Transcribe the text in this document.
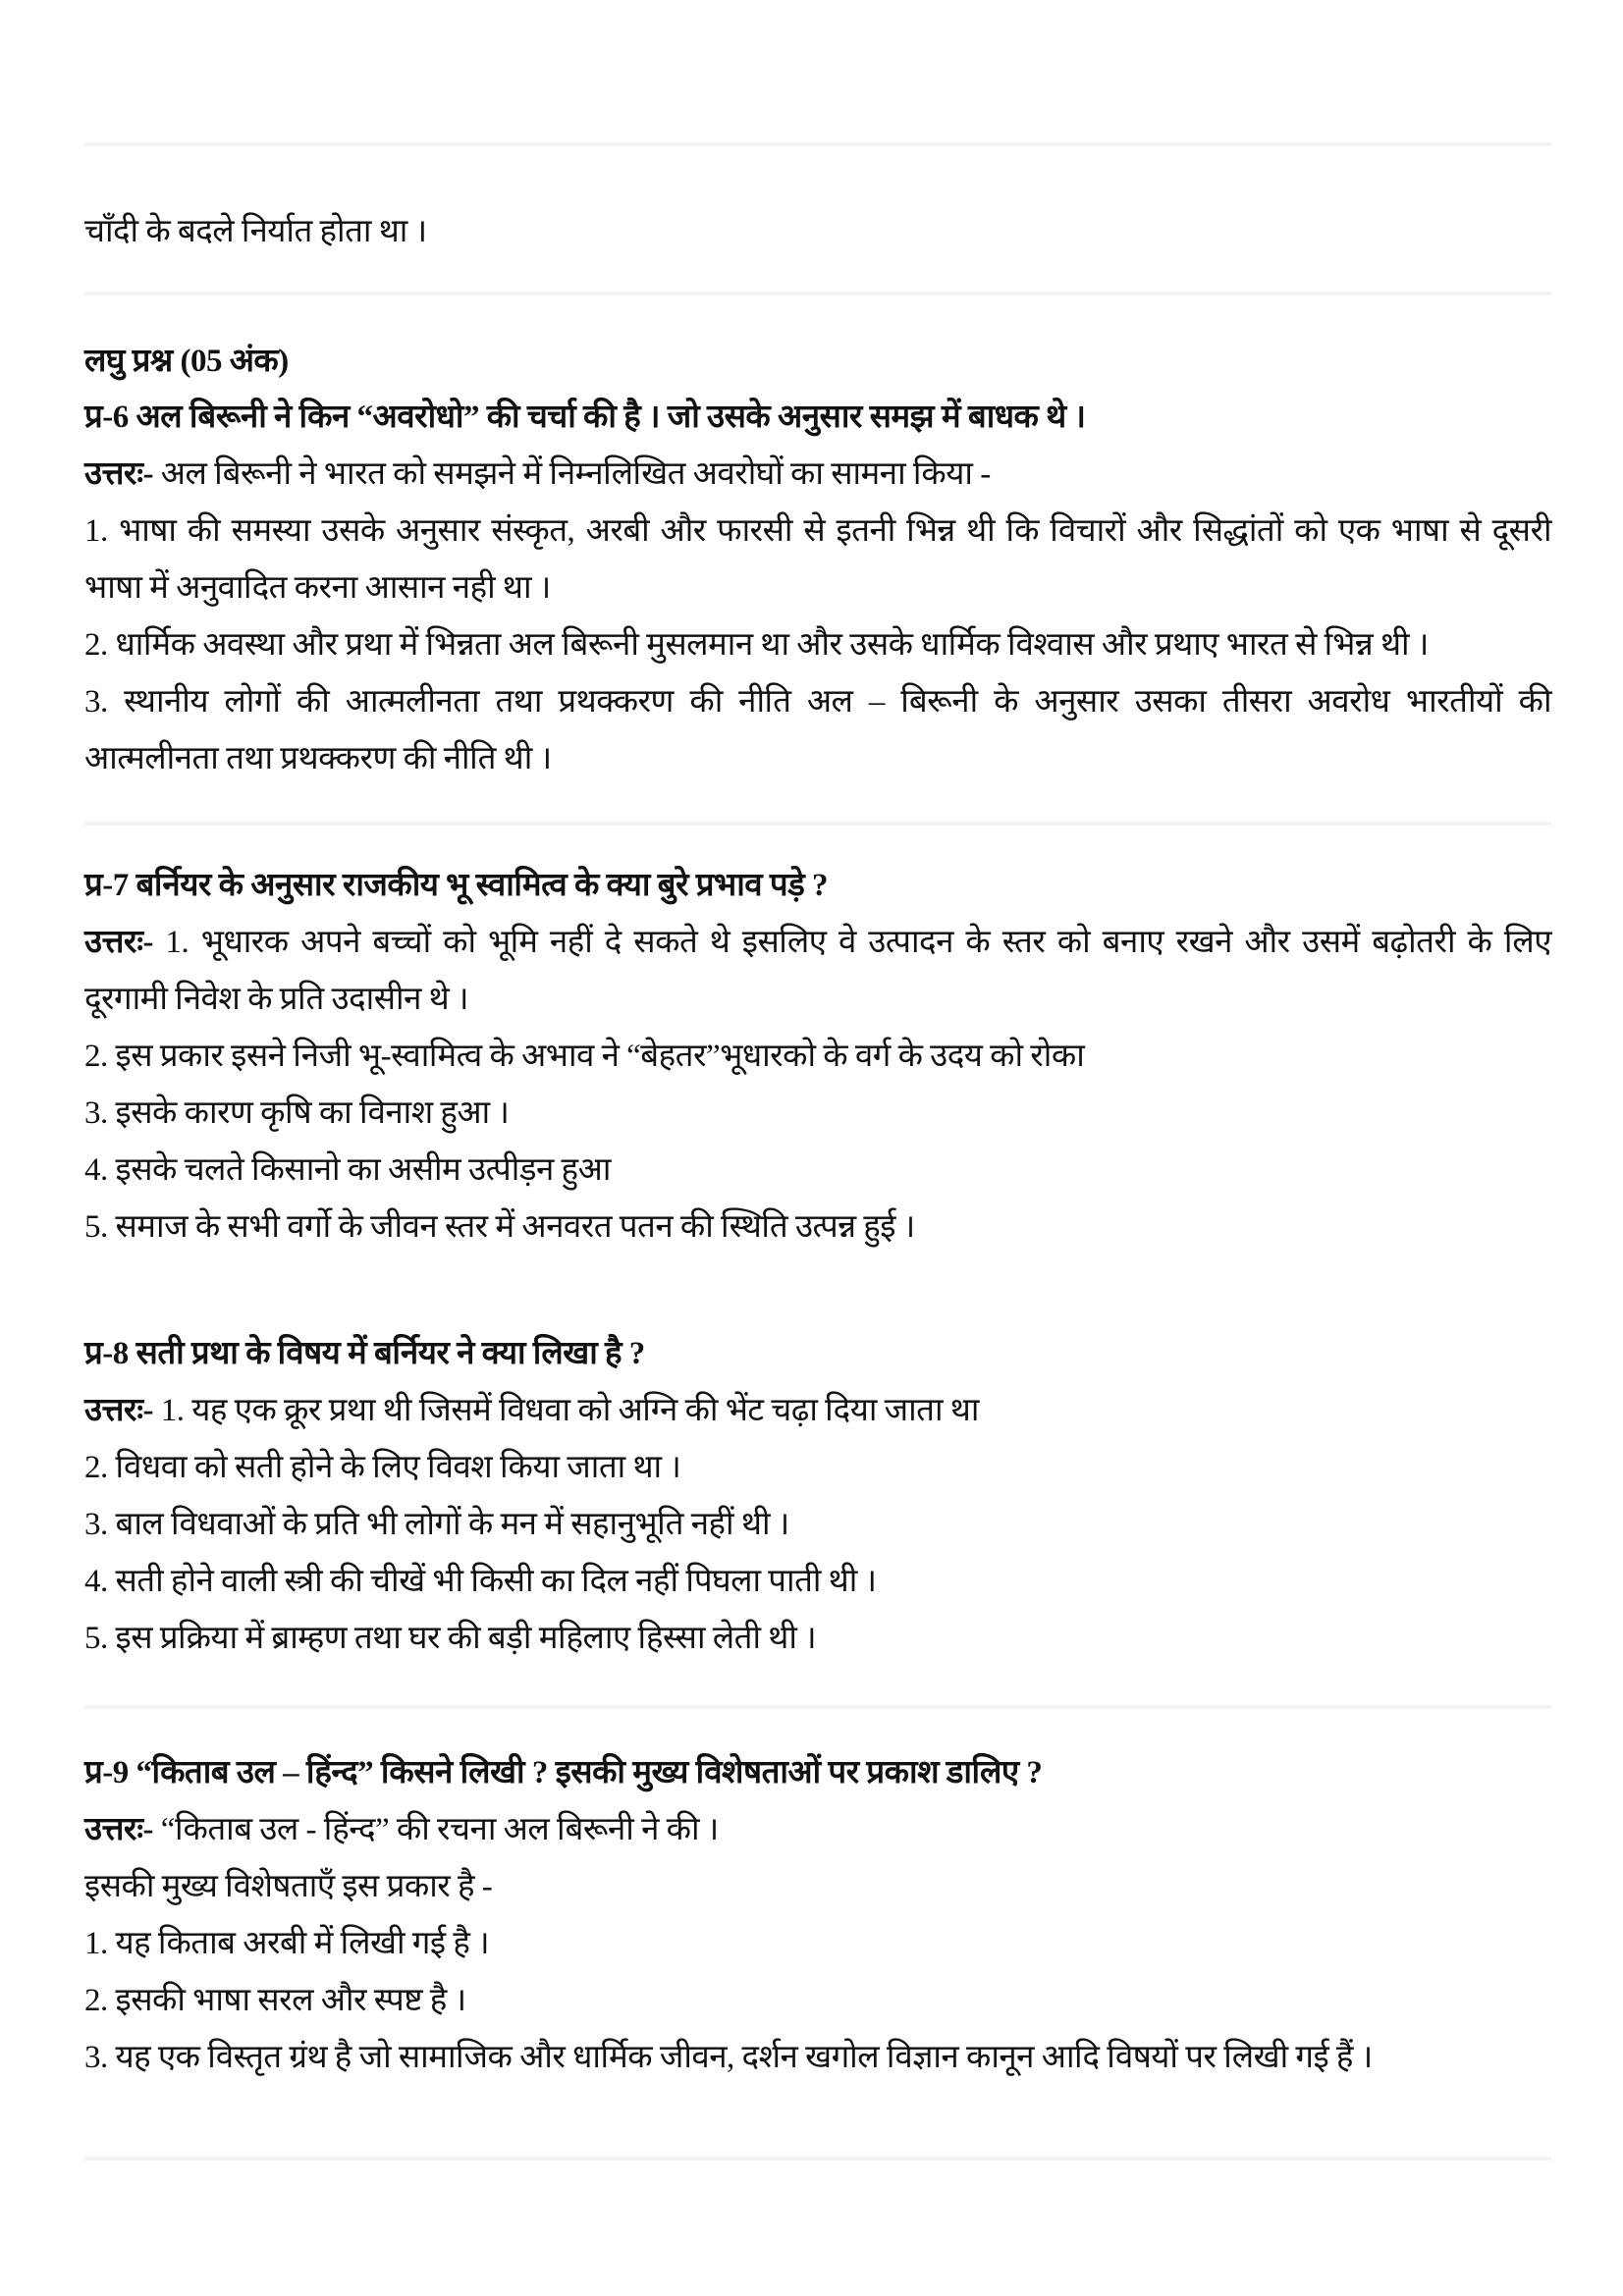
चाँदी के बदले निर्यात होता था ।
लघु प्रश्न (05 अंक)
प्र-6 अल बिरूनी ने किन “अवरोधो” की चर्चा की है । जो उसके अनुसार समझ में बाधक थे ।
उत्तरः- अल बिरूनी ने भारत को समझने में निम्नलिखित अवरोघों का सामना किया -
1. भाषा की समस्या उसके अनुसार संस्कृत, अरबी और फारसी से इतनी भिन्न थी कि विचारों और सिद्धांतों को एक भाषा से दूसरी
भाषा में अनुवादित करना आसान नही था ।
2. धार्मिक अवस्था और प्रथा में भिन्नता अल बिरूनी मुसलमान था और उसके धार्मिक विश्वास और प्रथाए भारत से भिन्न थी ।
3. स्थानीय लोगों की आत्मलीनता तथा प्रथक्करण की नीति अल – बिरूनी के अनुसार उसका तीसरा अवरोध भारतीयों की
आत्मलीनता तथा प्रथक्करण की नीति थी ।
प्र-7 बर्नियर के अनुसार राजकीय भू स्वामित्व के क्या बुरे प्रभाव पड़े ?
उत्तरः- 1. भूधारक अपने बच्चों को भूमि नहीं दे सकते थे इसलिए वे उत्पादन के स्तर को बनाए रखने और उसमें बढ़ोतरी के लिए
दूरगामी निवेश के प्रति उदासीन थे ।
2. इस प्रकार इसने निजी भू-स्वामित्व के अभाव ने “बेहतर”भूधारको के वर्ग के उदय को रोका
3. इसके कारण कृषि का विनाश हुआ ।
4. इसके चलते किसानो का असीम उत्पीड़न हुआ
5. समाज के सभी वर्गो के जीवन स्तर में अनवरत पतन की स्थिति उत्पन्न हुई ।
प्र-8 सती प्रथा के विषय में बर्नियर ने क्या लिखा है ?
उत्तरः- 1. यह एक क्रूर प्रथा थी जिसमें विधवा को अग्नि की भेंट चढ़ा दिया जाता था
2. विधवा को सती होने के लिए विवश किया जाता था ।
3. बाल विधवाओं के प्रति भी लोगों के मन में सहानुभूति नहीं थी ।
4. सती होने वाली स्त्री की चीखें भी किसी का दिल नहीं पिघला पाती थी ।
5. इस प्रक्रिया में ब्राम्हण तथा घर की बड़ी महिलाए हिस्सा लेती थी ।
प्र-9 “किताब उल – हिंन्द” किसने लिखी ? इसकी मुख्य विशेषताओं पर प्रकाश डालिए ?
उत्तरः- “किताब उल - हिंन्द” की रचना अल बिरूनी ने की ।
इसकी मुख्य विशेषताएँ इस प्रकार है -
1. यह किताब अरबी में लिखी गई है ।
2. इसकी भाषा सरल और स्पष्ट है ।
3. यह एक विस्तृत ग्रंथ है जो सामाजिक और धार्मिक जीवन, दर्शन खगोल विज्ञान कानून आदि विषयों पर लिखी गई हैं ।
